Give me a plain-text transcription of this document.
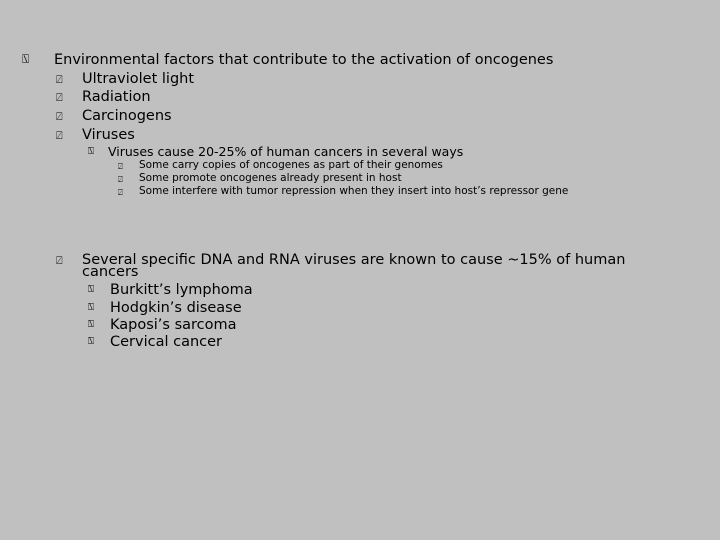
⍂ Environmental factors that contribute to the activation of oncogenes
⍁ Ultraviolet light
⍁ Radiation
⍁ Carcinogens
⍁ Viruses
⍂ Viruses cause 20-25% of human cancers in several ways
⍁ Some carry copies of oncogenes as part of their genomes
⍁ Some promote oncogenes already present in host
⍁ Some interfere with tumor repression when they insert into host’s repressor gene
⍁ Several specific DNA and RNA viruses are known to cause ~15% of human
cancers
⍂ Burkitt’s lymphoma
⍂ Hodgkin’s disease
⍂ Kaposi’s sarcoma
⍂ Cervical cancer
